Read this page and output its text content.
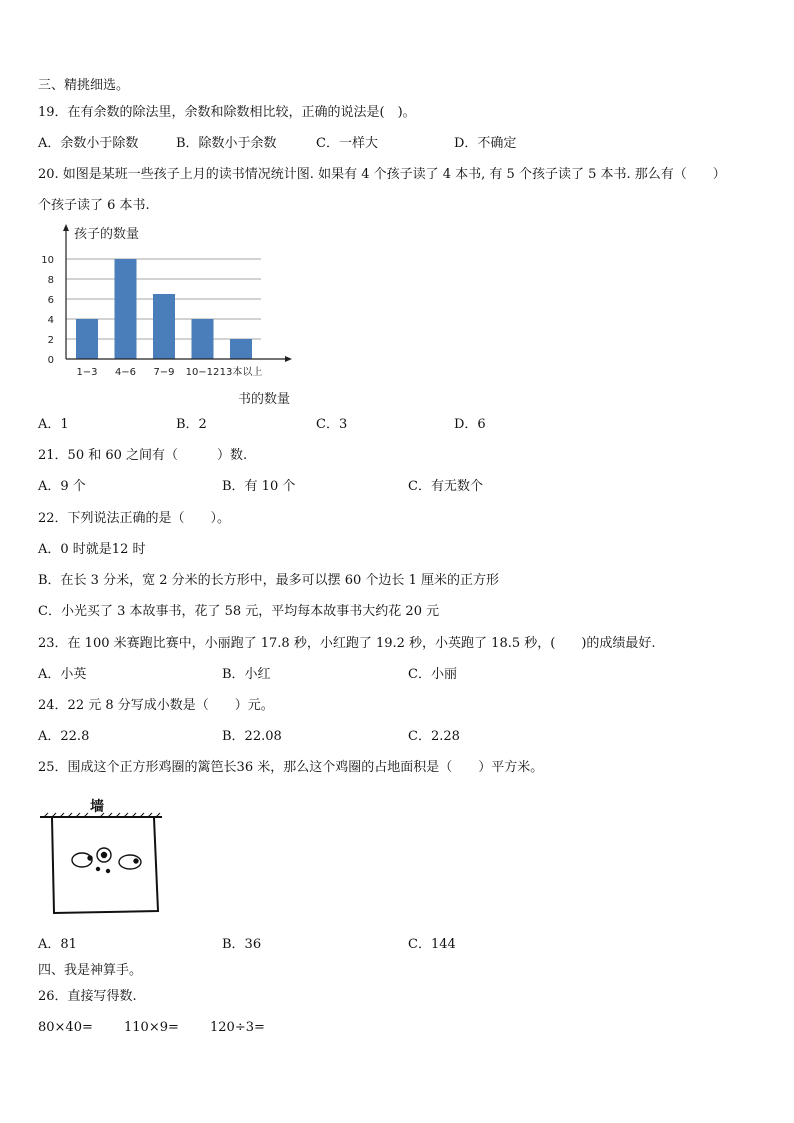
三、精挑细选。
19．在有余数的除法里，余数和除数相比较，正确的说法是(　)。
A．余数小于除数	B．除数小于余数	C．一样大	D．不确定
20. 如图是某班一些孩子上月的读书情况统计图. 如果有 4 个孩子读了 4 本书, 有 5 个孩子读了 5 本书. 那么有（　　）
个孩子读了 6 本书.
0
2
4
6
8
10
1−3 4−6 7−9 10−12 13本以上
孩子的数量
书的数量
A．1	B．2	C．3	D．6
21．50 和 60 之间有（　　　）数.
A．9 个	B．有 10 个	C．有无数个
22．下列说法正确的是（　　）。
A．0 时就是12 时
B．在长 3 分米，宽 2 分米的长方形中，最多可以摆 60 个边长 1 厘米的正方形
C．小光买了 3 本故事书，花了 58 元，平均每本故事书大约花 20 元
23．在 100 米赛跑比赛中，小丽跑了 17.8 秒，小红跑了 19.2 秒，小英跑了 18.5 秒，(　　)的成绩最好.
A．小英	B．小红	C．小丽
24．22 元 8 分写成小数是（　　）元。
A．22.8	B．22.08	C．2.28
25．围成这个正方形鸡圈的篱笆长36 米，那么这个鸡圈的占地面积是（　　）平方米。
墙
A．81	B．36	C．144
四、我是神算手。
26．直接写得数.
80×40= 110×9= 120÷3=
